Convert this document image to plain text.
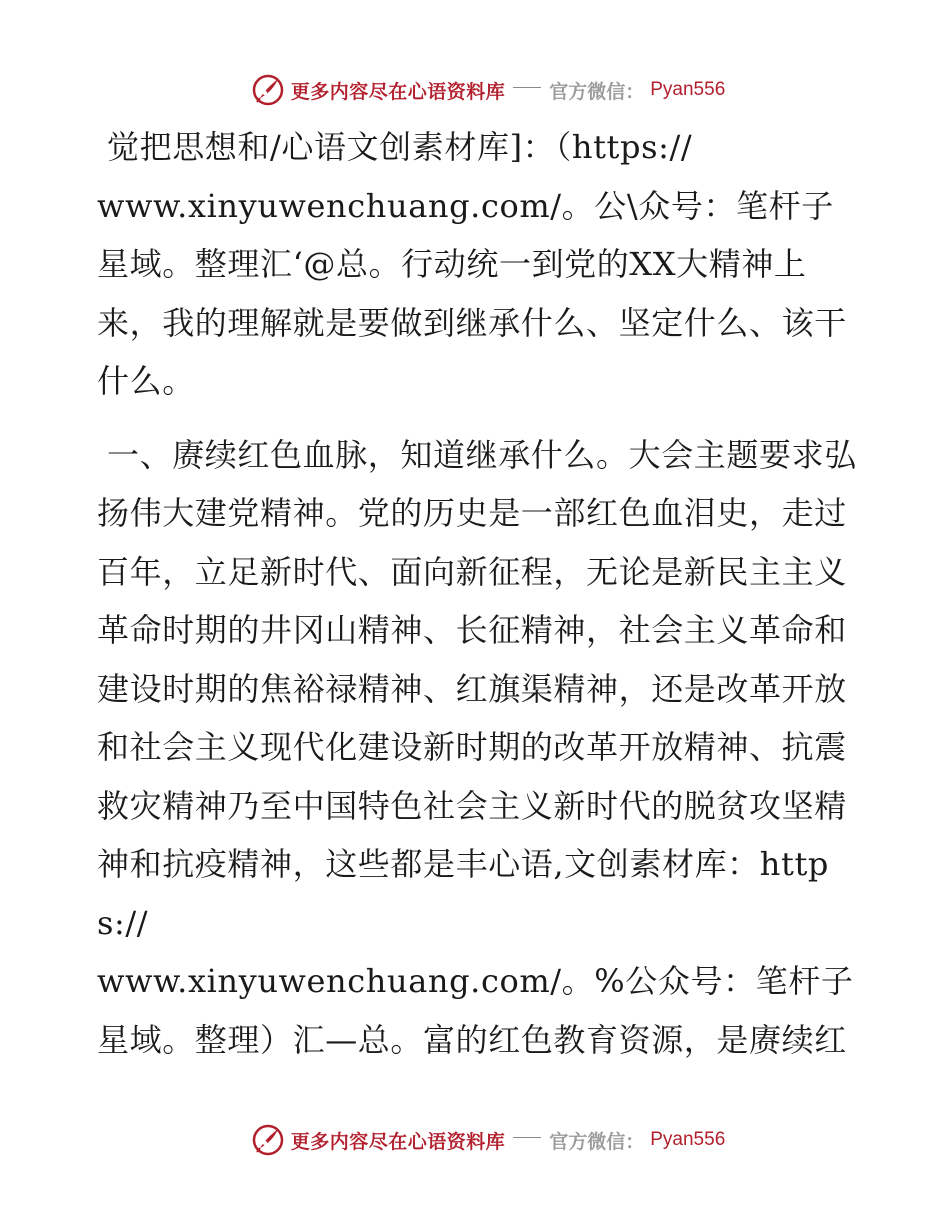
更多内容尽在心语资料库 官方微信： Pyan556

觉把思想和/心语文创素材库]：（https://
www.xinyuwenchuang.com/。公\众号：笔杆子星域。整理汇‘@总。行动统一到党的XX大精神上来，我的理解就是要做到继承什么、坚定什么、该干什么。

一、赓续红色血脉，知道继承什么。大会主题要求弘扬伟大建党精神。党的历史是一部红色血泪史，走过百年，立足新时代、面向新征程，无论是新民主主义革命时期的井冈山精神、长征精神，社会主义革命和建设时期的焦裕禄精神、红旗渠精神，还是改革开放和社会主义现代化建设新时期的改革开放精神、抗震救灾精神乃至中国特色社会主义新时代的脱贫攻坚精神和抗疫精神，这些都是丰心语,文创素材库：https://
www.xinyuwenchuang.com/。%公众号：笔杆子星域。整理）汇—总。富的红色教育资源，是赓续红

更多内容尽在心语资料库 官方微信： Pyan556
